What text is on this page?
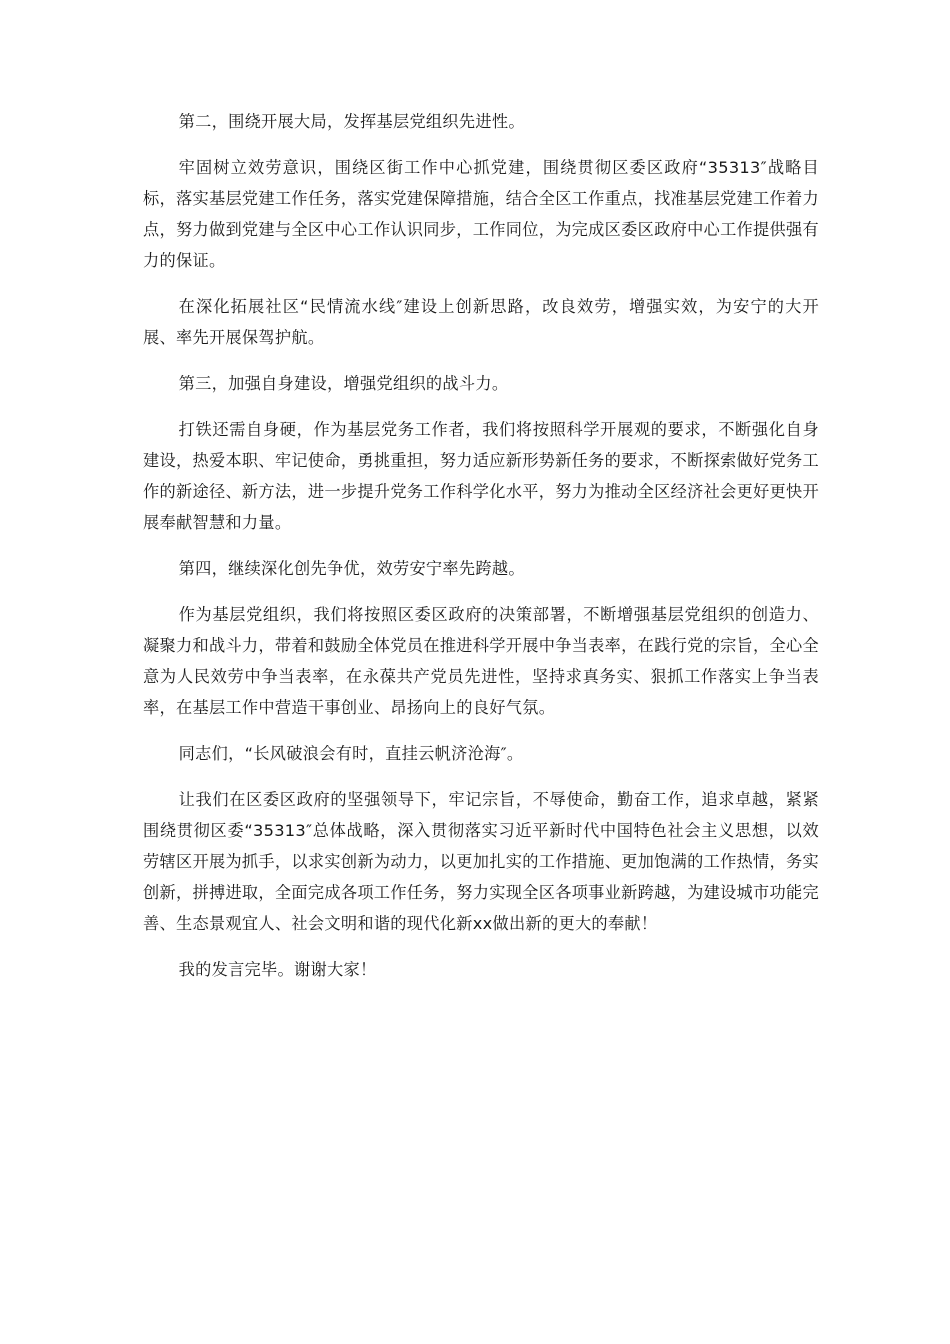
第二，围绕开展大局，发挥基层党组织先进性。

牢固树立效劳意识，围绕区街工作中心抓党建，围绕贯彻区委区政府“35313″战略目标，落实基层党建工作任务，落实党建保障措施，结合全区工作重点，找准基层党建工作着力点，努力做到党建与全区中心工作认识同步，工作同位，为完成区委区政府中心工作提供强有力的保证。

在深化拓展社区“民情流水线″建设上创新思路，改良效劳，增强实效，为安宁的大开展、率先开展保驾护航。

第三，加强自身建设，增强党组织的战斗力。

打铁还需自身硬，作为基层党务工作者，我们将按照科学开展观的要求，不断强化自身建设，热爱本职、牢记使命，勇挑重担，努力适应新形势新任务的要求，不断探索做好党务工作的新途径、新方法，进一步提升党务工作科学化水平，努力为推动全区经济社会更好更快开展奉献智慧和力量。

第四，继续深化创先争优，效劳安宁率先跨越。

作为基层党组织，我们将按照区委区政府的决策部署，不断增强基层党组织的创造力、凝聚力和战斗力，带着和鼓励全体党员在推进科学开展中争当表率，在践行党的宗旨，全心全意为人民效劳中争当表率，在永葆共产党员先进性，坚持求真务实、狠抓工作落实上争当表率，在基层工作中营造干事创业、昂扬向上的良好气氛。

同志们，“长风破浪会有时，直挂云帆济沧海″。

让我们在区委区政府的坚强领导下，牢记宗旨，不辱使命，勤奋工作，追求卓越，紧紧围绕贯彻区委“35313″总体战略，深入贯彻落实习近平新时代中国特色社会主义思想，以效劳辖区开展为抓手，以求实创新为动力，以更加扎实的工作措施、更加饱满的工作热情，务实创新，拼搏进取，全面完成各项工作任务，努力实现全区各项事业新跨越，为建设城市功能完善、生态景观宜人、社会文明和谐的现代化新xx做出新的更大的奉献！

我的发言完毕。谢谢大家！
